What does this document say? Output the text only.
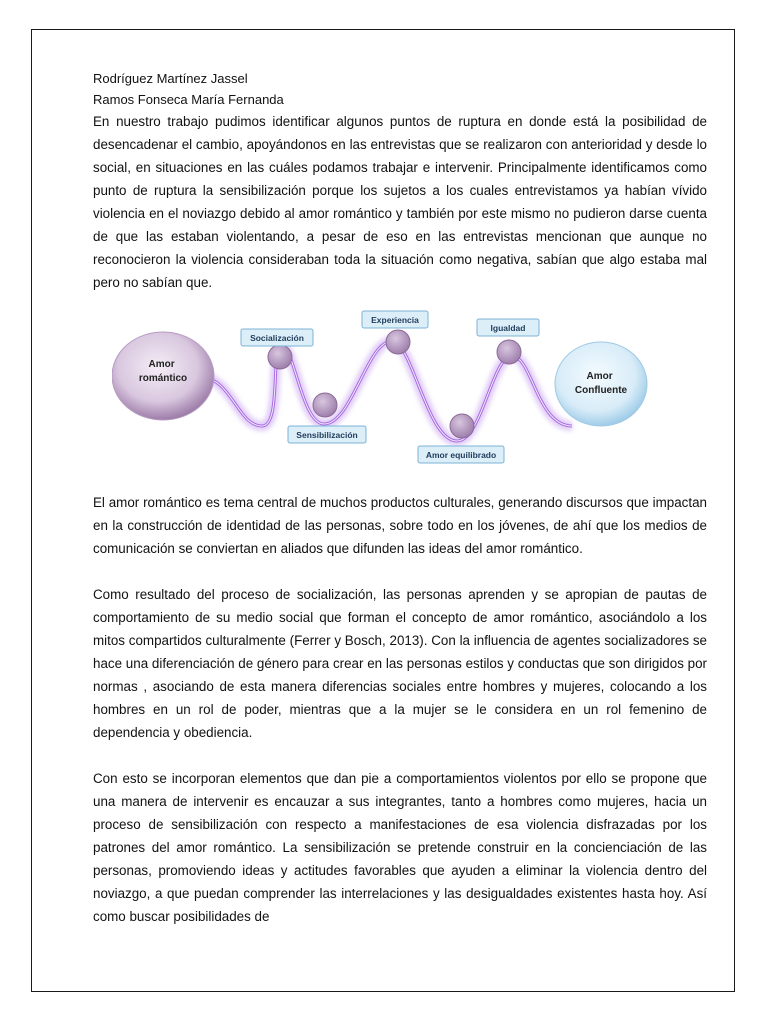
Rodríguez Martínez Jassel

Ramos Fonseca María Fernanda

En nuestro trabajo pudimos identificar algunos puntos de ruptura en donde está la posibilidad de desencadenar el cambio, apoyándonos en las entrevistas que se realizaron con anterioridad y desde lo social, en situaciones en las cuáles podamos trabajar e intervenir. Principalmente identificamos como punto de ruptura la sensibilización porque los sujetos a los cuales entrevistamos ya habían vívido violencia en el noviazgo debido al amor romántico y también por este mismo no pudieron darse cuenta de que las estaban violentando, a pesar de eso en las entrevistas mencionan que aunque no reconocieron la violencia consideraban toda la situación como negativa, sabían que algo estaba mal pero no sabían que.

Amor romántico	Amor Confluente
Socialización
Sensibilización
Experiencia
Amor equilibrado
Igualdad

El amor romántico es tema central de muchos productos culturales, generando discursos que impactan en la construcción de identidad de las personas, sobre todo en los jóvenes, de ahí que los medios de comunicación se conviertan en aliados que difunden las ideas del amor romántico.

Como resultado del proceso de socialización, las personas aprenden y se apropian de pautas de comportamiento de su medio social que forman el concepto de amor romántico, asociándolo a los mitos compartidos culturalmente (Ferrer y Bosch, 2013). Con la influencia de agentes socializadores se hace una diferenciación de género para crear en las personas estilos y conductas que son dirigidos por normas , asociando de esta manera diferencias sociales entre hombres y mujeres, colocando a los hombres en un rol de poder, mientras que a la mujer se le considera en un rol femenino de dependencia y obediencia.

Con esto se incorporan elementos que dan pie a comportamientos violentos por ello se propone que una manera de intervenir es encauzar a sus integrantes, tanto a hombres como mujeres, hacia un proceso de sensibilización con respecto a manifestaciones de esa violencia disfrazadas por los patrones del amor romántico. La sensibilización se pretende construir en la concienciación de las personas, promoviendo ideas y actitudes favorables que ayuden a eliminar la violencia dentro del noviazgo, a que puedan comprender las interrelaciones y las desigualdades existentes hasta hoy. Así como buscar posibilidades de
